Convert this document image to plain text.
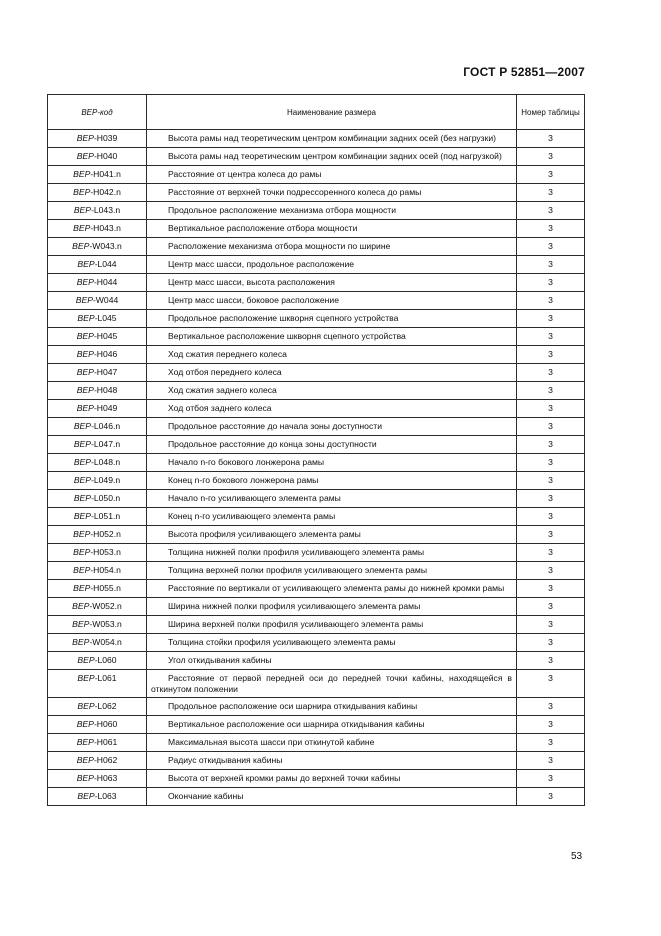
ГОСТ Р 52851—2007
BEP-код	Наименование размера	Номер таблицы
BEP-H039	Высота рамы над теоретическим центром комбинации задних осей (без нагрузки)	3
BEP-H040	Высота рамы над теоретическим центром комбинации задних осей (под нагрузкой)	3
BEP-H041.n	Расстояние от центра колеса до рамы	3
BEP-H042.n	Расстояние от верхней точки подрессоренного колеса до рамы	3
BEP-L043.n	Продольное расположение механизма отбора мощности	3
BEP-H043.n	Вертикальное расположение отбора мощности	3
BEP-W043.n	Расположение механизма отбора мощности по ширине	3
BEP-L044	Центр масс шасси, продольное расположение	3
BEP-H044	Центр масс шасси, высота расположения	3
BEP-W044	Центр масс шасси, боковое расположение	3
BEP-L045	Продольное расположение шкворня сцепного устройства	3
BEP-H045	Вертикальное расположение шкворня сцепного устройства	3
BEP-H046	Ход сжатия переднего колеса	3
BEP-H047	Ход отбоя переднего колеса	3
BEP-H048	Ход сжатия заднего колеса	3
BEP-H049	Ход отбоя заднего колеса	3
BEP-L046.n	Продольное расстояние до начала зоны доступности	3
BEP-L047.n	Продольное расстояние до конца зоны доступности	3
BEP-L048.n	Начало n-го бокового лонжерона рамы	3
BEP-L049.n	Конец n-го бокового лонжерона рамы	3
BEP-L050.n	Начало n-го усиливающего элемента рамы	3
BEP-L051.n	Конец n-го усиливающего элемента рамы	3
BEP-H052.n	Высота профиля усиливающего элемента рамы	3
BEP-H053.n	Толщина нижней полки профиля усиливающего элемента рамы	3
BEP-H054.n	Толщина верхней полки профиля усиливающего элемента рамы	3
BEP-H055.n	Расстояние по вертикали от усиливающего элемента рамы до нижней кромки рамы	3
BEP-W052.n	Ширина нижней полки профиля усиливающего элемента рамы	3
BEP-W053.n	Ширина верхней полки профиля усиливающего элемента рамы	3
BEP-W054.n	Толщина стойки профиля усиливающего элемента рамы	3
BEP-L060	Угол откидывания кабины	3
BEP-L061	Расстояние от первой передней оси до передней точки кабины, находящейся в откинутом положении	3
BEP-L062	Продольное расположение оси шарнира откидывания кабины	3
BEP-H060	Вертикальное расположение оси шарнира откидывания кабины	3
BEP-H061	Максимальная высота шасси при откинутой кабине	3
BEP-H062	Радиус откидывания кабины	3
BEP-H063	Высота от верхней кромки рамы до верхней точки кабины	3
BEP-L063	Окончание кабины	3
53
